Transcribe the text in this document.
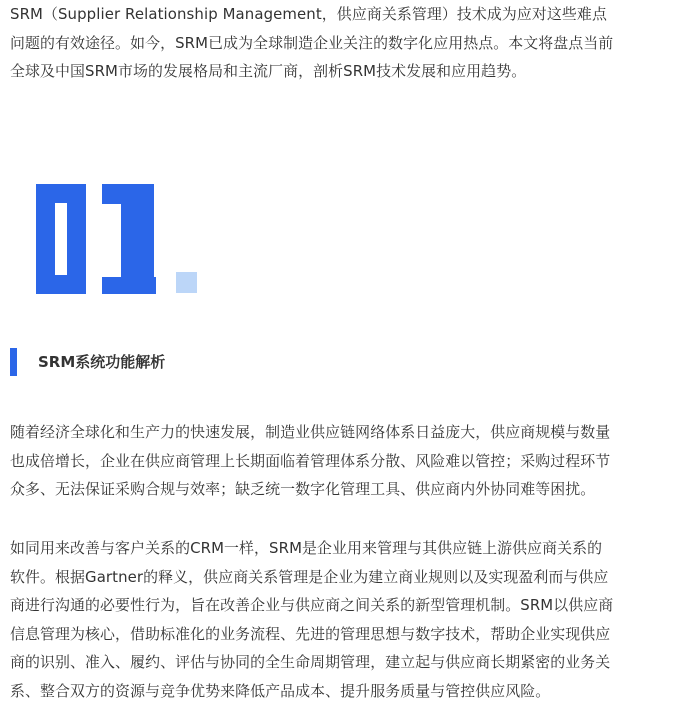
SRM（Supplier Relationship Management，供应商关系管理）技术成为应对这些难点
问题的有效途径。如今，SRM已成为全球制造企业关注的数字化应用热点。本文将盘点当前
全球及中国SRM市场的发展格局和主流厂商，剖析SRM技术发展和应用趋势。
SRM系统功能解析
随着经济全球化和生产力的快速发展，制造业供应链网络体系日益庞大，供应商规模与数量
也成倍增长，企业在供应商管理上长期面临着管理体系分散、风险难以管控；采购过程环节
众多、无法保证采购合规与效率；缺乏统一数字化管理工具、供应商内外协同难等困扰。
如同用来改善与客户关系的CRM一样，SRM是企业用来管理与其供应链上游供应商关系的
软件。根据Gartner的释义，供应商关系管理是企业为建立商业规则以及实现盈利而与供应
商进行沟通的必要性行为，旨在改善企业与供应商之间关系的新型管理机制。SRM以供应商
信息管理为核心，借助标准化的业务流程、先进的管理思想与数字技术，帮助企业实现供应
商的识别、准入、履约、评估与协同的全生命周期管理，建立起与供应商长期紧密的业务关
系、整合双方的资源与竞争优势来降低产品成本、提升服务质量与管控供应风险。
